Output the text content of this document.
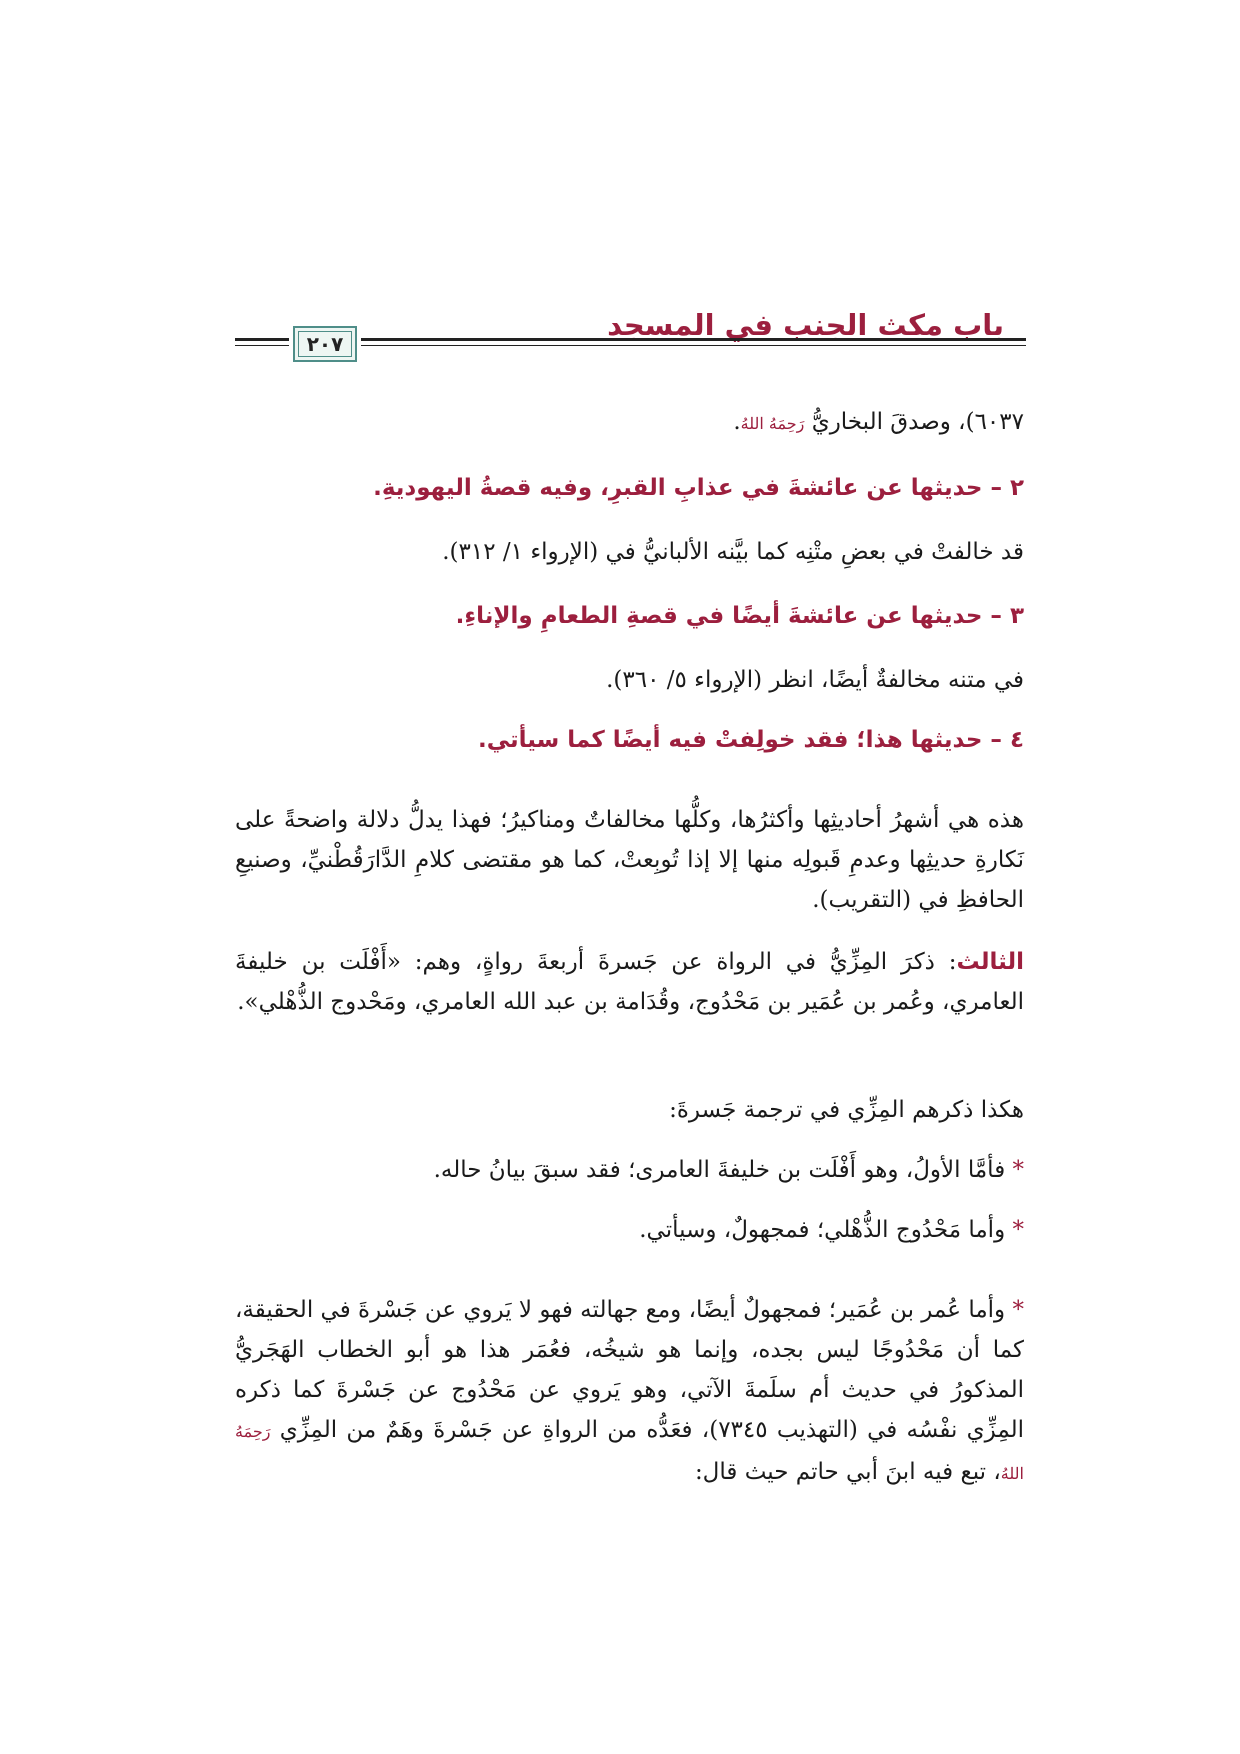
باب مكث الجنب في المسجد
٢٠٧

٦٠٣٧)، وصدقَ البخاريُّ رَحِمَهُ اللهُ.

٢ – حديثها عن عائشةَ في عذابِ القبرِ، وفيه قصةُ اليهوديةِ.

قد خالفتْ في بعضِ متْنِه كما بيَّنه الألبانيُّ في (الإرواء ١/ ٣١٢).

٣ – حديثها عن عائشةَ أيضًا في قصةِ الطعامِ والإناءِ.

في متنه مخالفةٌ أيضًا، انظر (الإرواء ٥/ ٣٦٠).

٤ – حديثها هذا؛ فقد خولِفتْ فيه أيضًا كما سيأتي.

هذه هي أشهرُ أحاديثِها وأكثرُها، وكلُّها مخالفاتٌ ومناكيرُ؛ فهذا يدلُّ دلالة واضحةً على نَكارةِ حديثِها وعدمِ قَبولِه منها إلا إذا تُوبِعتْ، كما هو مقتضى كلامِ الدَّارَقُطْنيِّ، وصنيعِ الحافظِ في (التقريب).

الثالث: ذكرَ المِزِّيُّ في الرواة عن جَسرةَ أربعةَ رواةٍ، وهم: «أَفْلَت بن خليفةَ العامري، وعُمر بن عُمَير بن مَحْدُوج، وقُدَامة بن عبد الله العامري، ومَحْدوج الذُّهْلي».

هكذا ذكرهم المِزِّي في ترجمة جَسرةَ:

* فأمَّا الأولُ، وهو أَفْلَت بن خليفةَ العامرى؛ فقد سبقَ بيانُ حاله.

* وأما مَحْدُوج الذُّهْلي؛ فمجهولٌ، وسيأتي.

* وأما عُمر بن عُمَير؛ فمجهولٌ أيضًا، ومع جهالته فهو لا يَروي عن جَسْرةَ في الحقيقة، كما أن مَحْدُوجًا ليس بجده، وإنما هو شيخُه، فعُمَر هذا هو أبو الخطاب الهَجَريُّ المذكورُ في حديث أم سلَمةَ الآتي، وهو يَروي عن مَحْدُوج عن جَسْرةَ كما ذكره المِزِّي نفْسُه في (التهذيب ٧٣٤٥)، فعَدُّه من الرواةِ عن جَسْرةَ وهَمٌ من المِزِّي رَحِمَهُ اللهُ، تبع فيه ابنَ أبي حاتم حيث قال:
